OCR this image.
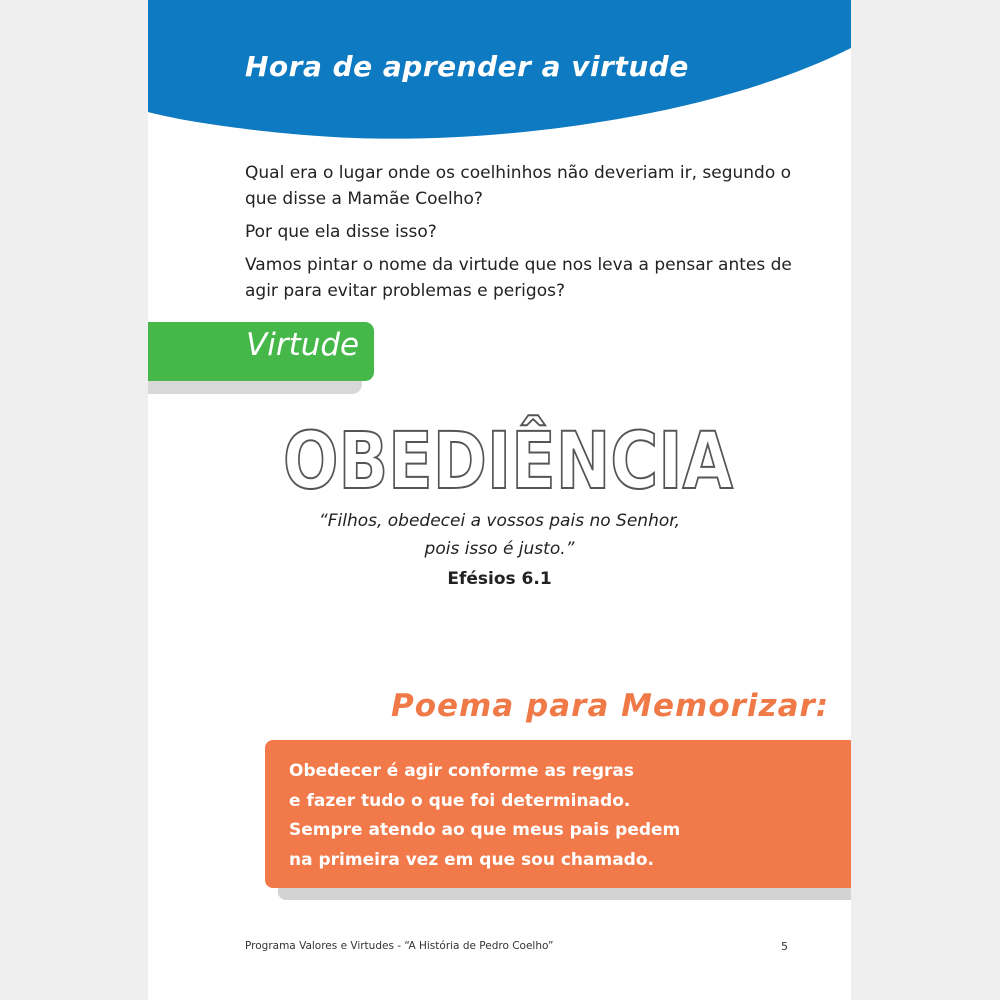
Hora de aprender a virtude

Qual era o lugar onde os coelhinhos não deveriam ir, segundo o que disse a Mamãe Coelho?

Por que ela disse isso?

Vamos pintar o nome da virtude que nos leva a pensar antes de agir para evitar problemas e perigos?

Virtude
OBEDIÊNCIA
“Filhos, obedecei a vossos pais no Senhor,
pois isso é justo.”
Efésios 6.1
Poema para Memorizar:
Obedecer é agir conforme as regras
e fazer tudo o que foi determinado.
Sempre atendo ao que meus pais pedem
na primeira vez em que sou chamado.
Programa Valores e Virtudes - “A História de Pedro Coelho”	5
